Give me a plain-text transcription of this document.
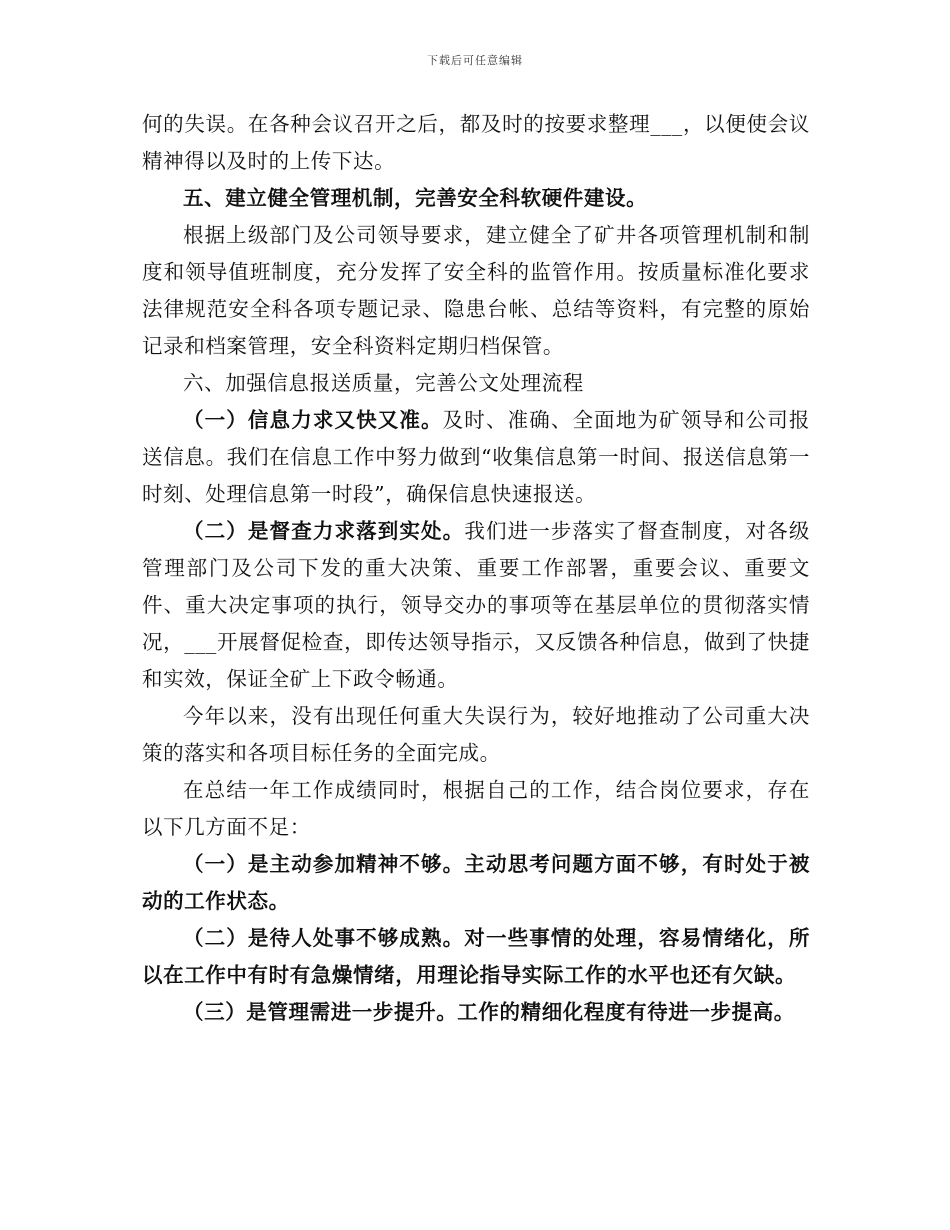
下载后可任意编辑

何的失误。在各种会议召开之后，都及时的按要求整理___，以便使会议精神得以及时的上传下达。

五、建立健全管理机制，完善安全科软硬件建设。

根据上级部门及公司领导要求，建立健全了矿井各项管理机制和制度和领导值班制度，充分发挥了安全科的监管作用。按质量标准化要求法律规范安全科各项专题记录、隐患台帐、总结等资料，有完整的原始记录和档案管理，安全科资料定期归档保管。

六、加强信息报送质量，完善公文处理流程

（一）信息力求又快又准。及时、准确、全面地为矿领导和公司报送信息。我们在信息工作中努力做到“收集信息第一时间、报送信息第一时刻、处理信息第一时段”，确保信息快速报送。

（二）是督查力求落到实处。我们进一步落实了督查制度，对各级管理部门及公司下发的重大决策、重要工作部署，重要会议、重要文件、重大决定事项的执行，领导交办的事项等在基层单位的贯彻落实情况，___开展督促检查，即传达领导指示，又反馈各种信息，做到了快捷和实效，保证全矿上下政令畅通。

今年以来，没有出现任何重大失误行为，较好地推动了公司重大决策的落实和各项目标任务的全面完成。

在总结一年工作成绩同时，根据自己的工作，结合岗位要求，存在以下几方面不足：

（一）是主动参加精神不够。主动思考问题方面不够，有时处于被动的工作状态。

（二）是待人处事不够成熟。对一些事情的处理，容易情绪化，所以在工作中有时有急燥情绪，用理论指导实际工作的水平也还有欠缺。

（三）是管理需进一步提升。工作的精细化程度有待进一步提高。
